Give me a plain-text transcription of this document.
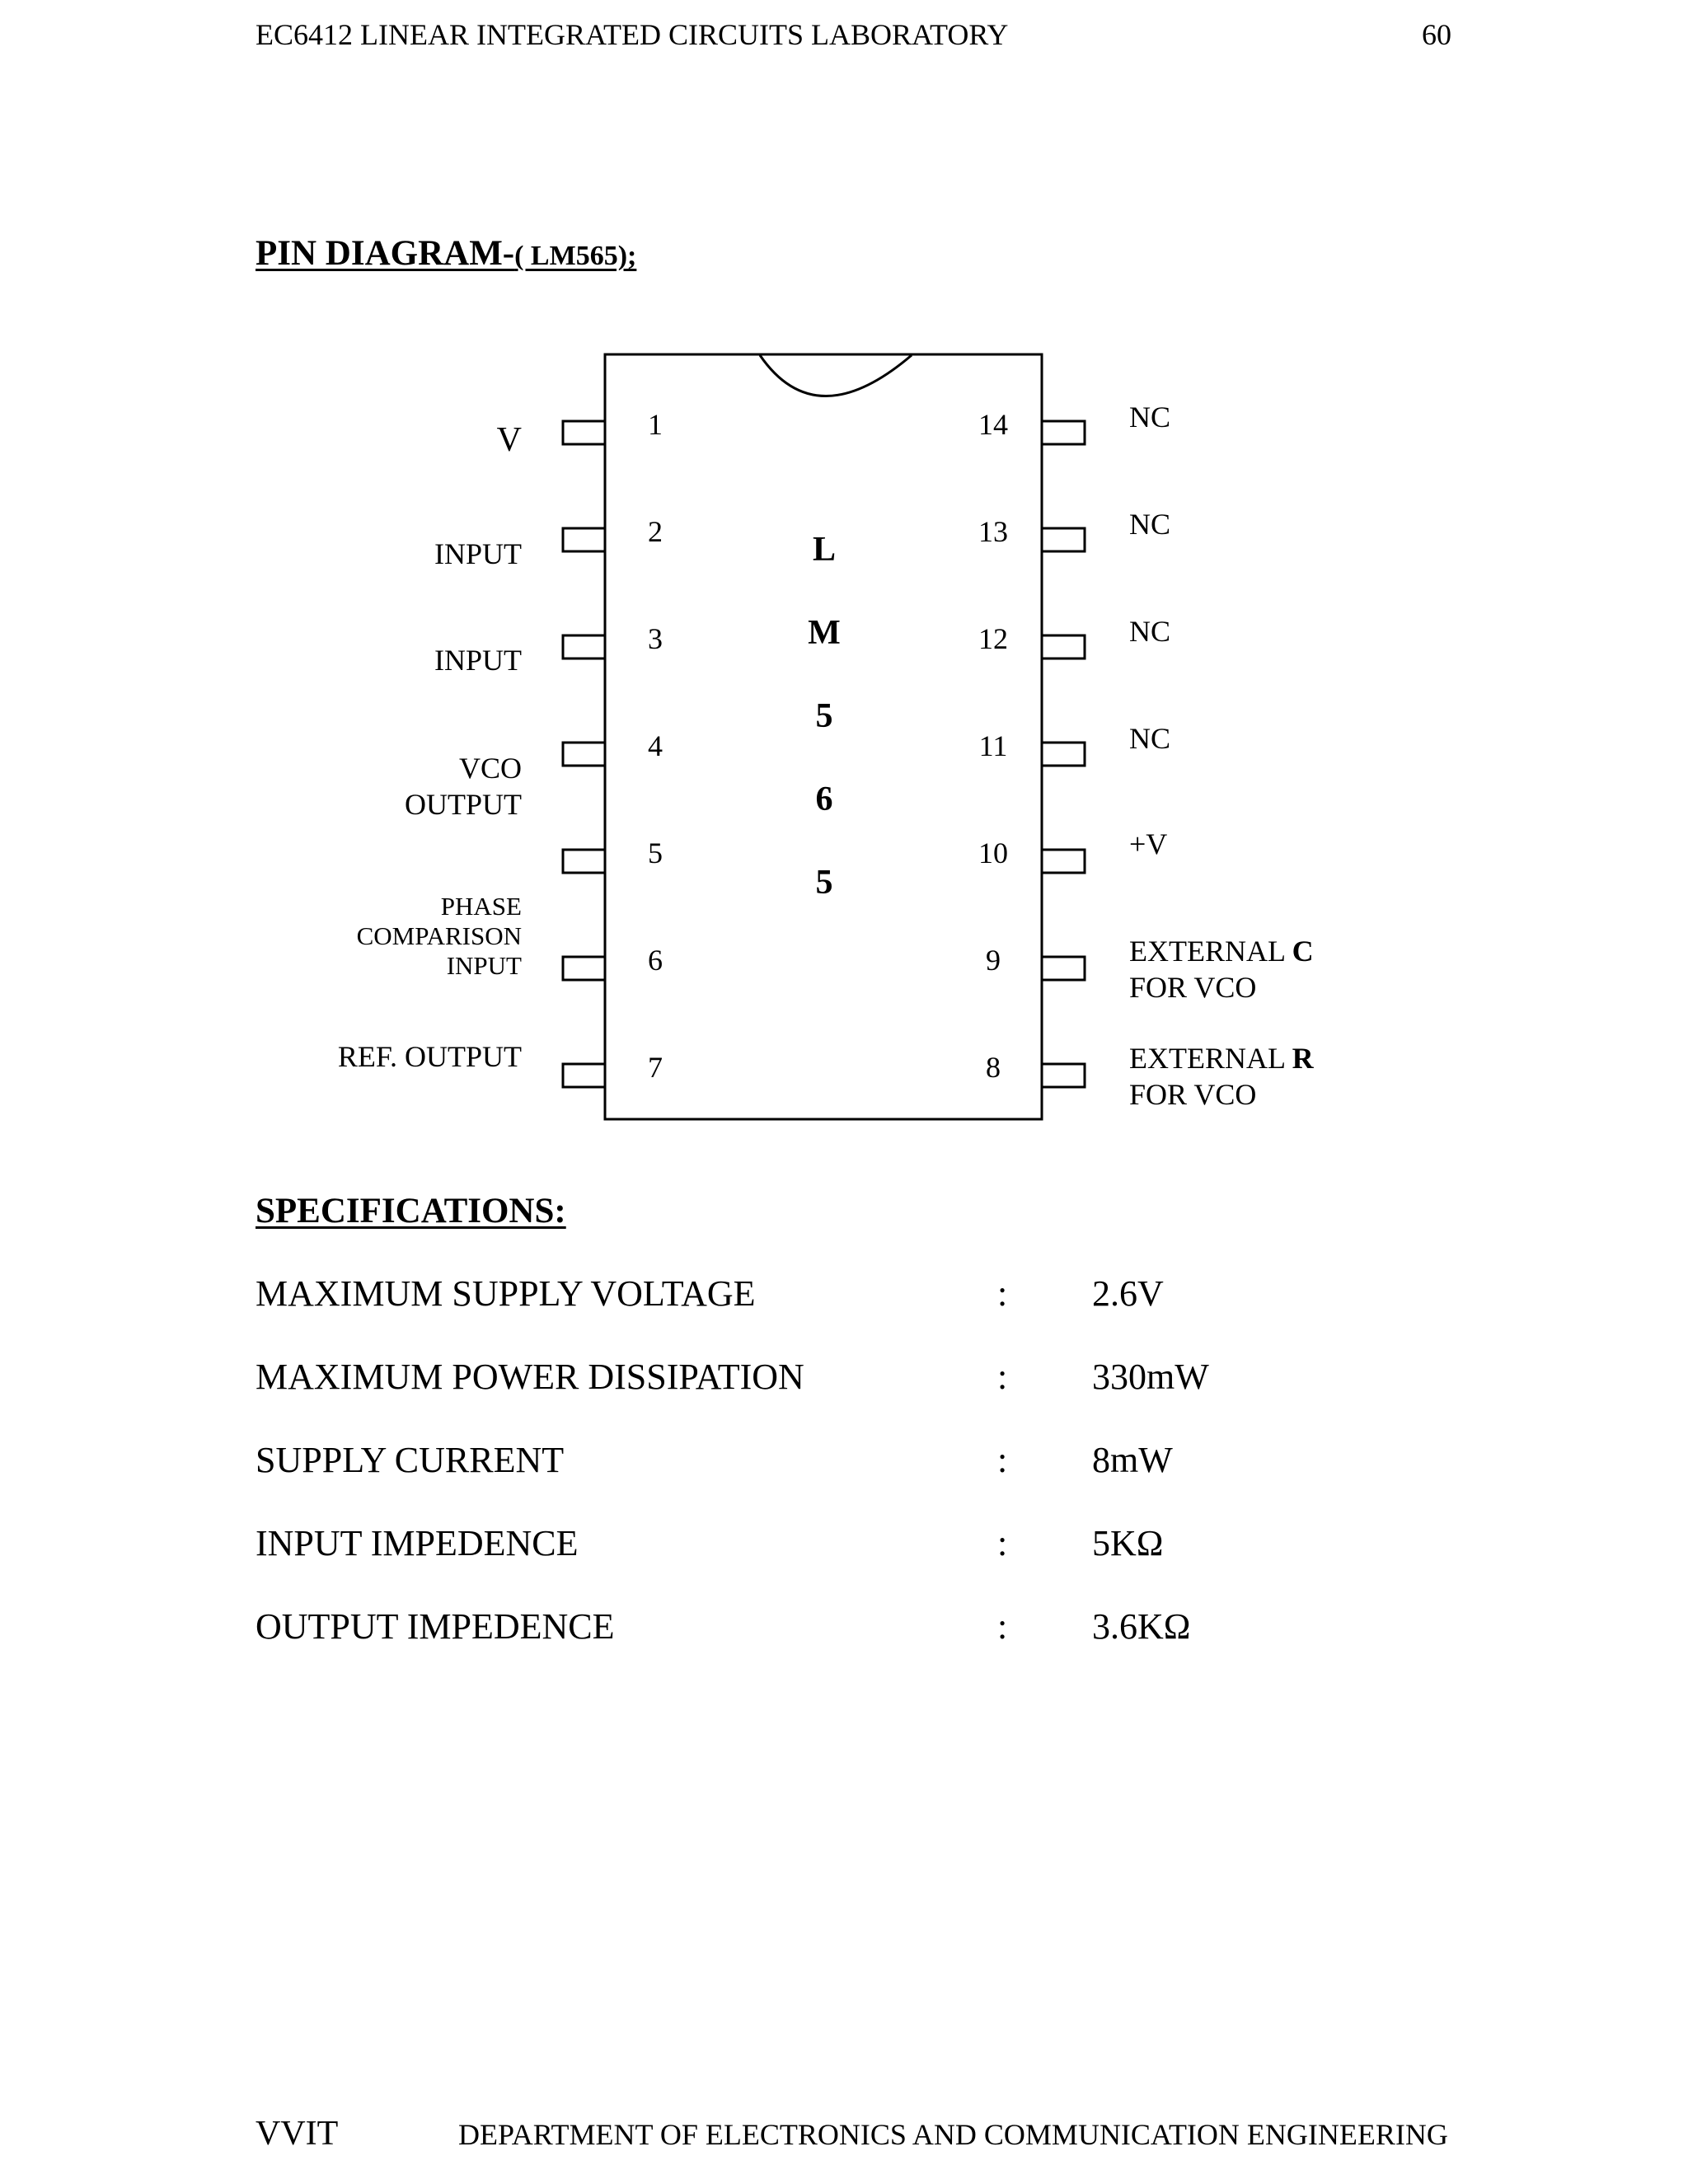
EC6412 LINEAR INTEGRATED CIRCUITS LABORATORY	60
PIN DIAGRAM-( LM565);
1
2
3
4
5
6
7
14
13
12
11
10
9
8
L
M
5
6
5
V
INPUT
INPUT
VCO
OUTPUT
PHASE
COMPARISON
INPUT
REF. OUTPUT
NC
NC
NC
NC
+V
EXTERNAL C
FOR VCO
EXTERNAL R
FOR VCO
SPECIFICATIONS:
MAXIMUM SUPPLY VOLTAGE	: 2.6V
MAXIMUM POWER DISSIPATION	: 330mW
SUPPLY CURRENT	: 8mW
INPUT IMPEDENCE	: 5KΩ
OUTPUT IMPEDENCE	: 3.6KΩ
VVIT	DEPARTMENT OF ELECTRONICS AND COMMUNICATION ENGINEERING
